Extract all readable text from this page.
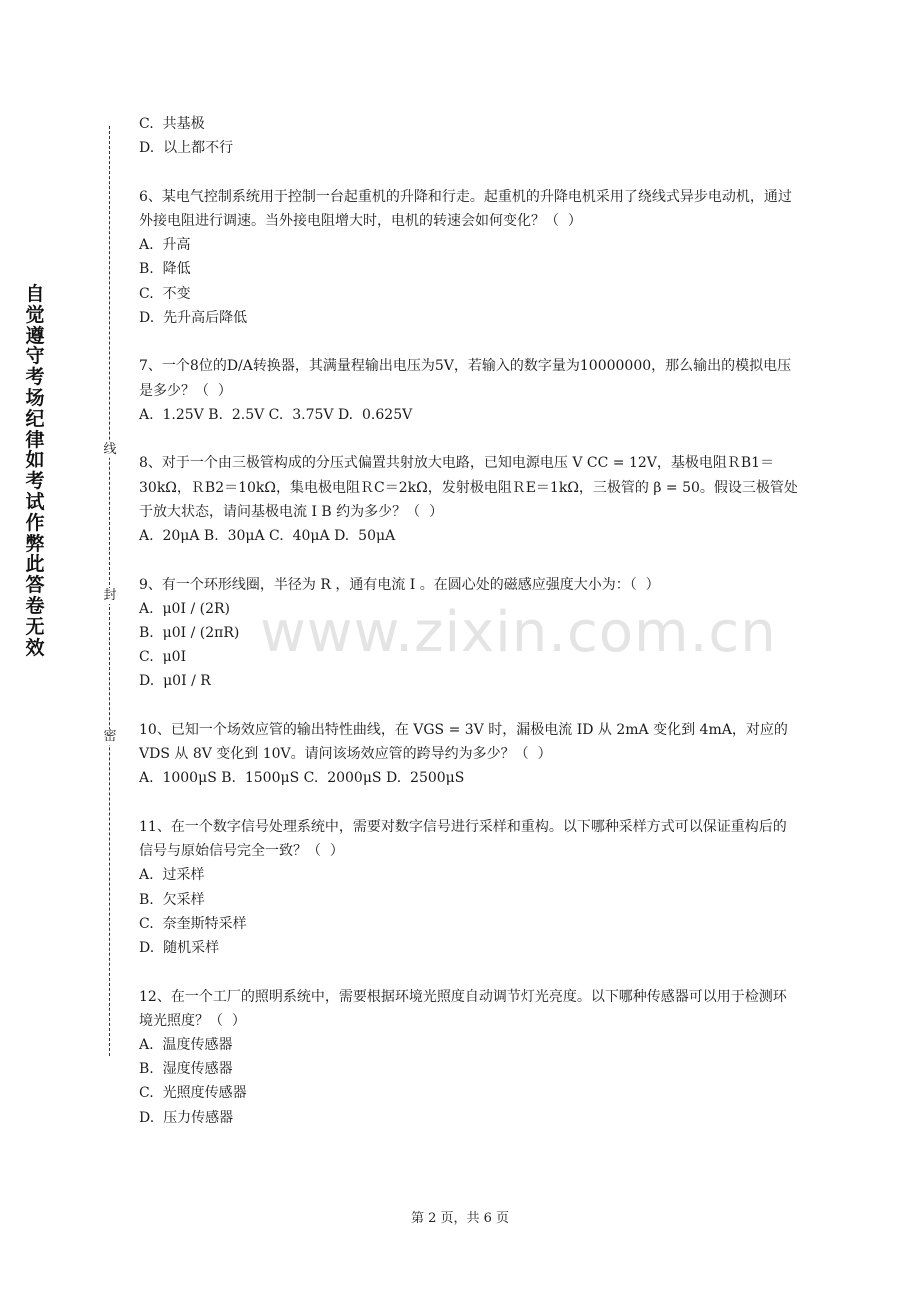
自觉遵守考场纪律如考试作弊此答卷无效
线
封
密

C.  共基极

D.  以上都不行

6、某电气控制系统用于控制一台起重机的升降和行走。起重机的升降电机采用了绕线式异步电动机，通过外接电阻进行调速。当外接电阻增大时，电机的转速会如何变化？（  ）

A.  升高

B.  降低

C.  不变

D.  先升高后降低

7、一个8位的D/A转换器，其满量程输出电压为5V，若输入的数字量为10000000，那么输出的模拟电压是多少？（  ）

A.  1.25V B.  2.5V C.  3.75V D.  0.625V

8、对于一个由三极管构成的分压式偏置共射放大电路，已知电源电压 V CC = 12V，基极电阻ＲB1＝30kΩ，ＲB2＝10kΩ，集电极电阻ＲC＝2kΩ，发射极电阻ＲE＝1kΩ，三极管的 β = 50。假设三极管处于放大状态，请问基极电流 I B 约为多少？（  ）

A.  20μA B.  30μA C.  40μA D.  50μA

9、有一个环形线圈，半径为 R ，通有电流 I 。在圆心处的磁感应强度大小为：（  ）

A.  μ0I / (2R)

B.  μ0I / (2πR)

C.  μ0I

D.  μ0I / R

10、已知一个场效应管的输出特性曲线，在 VGS = 3V 时，漏极电流 ID 从 2mA 变化到 4mA，对应的 VDS 从 8V 变化到 10V。请问该场效应管的跨导约为多少？（  ）

A.  1000μS B.  1500μS C.  2000μS D.  2500μS

11、在一个数字信号处理系统中，需要对数字信号进行采样和重构。以下哪种采样方式可以保证重构后的信号与原始信号完全一致？（  ）

A.  过采样

B.  欠采样

C.  奈奎斯特采样

D.  随机采样

12、在一个工厂的照明系统中，需要根据环境光照度自动调节灯光亮度。以下哪种传感器可以用于检测环境光照度？（  ）

A.  温度传感器

B.  湿度传感器

C.  光照度传感器

D.  压力传感器

www.zixin.com.cn
第 2 页，共 6 页
